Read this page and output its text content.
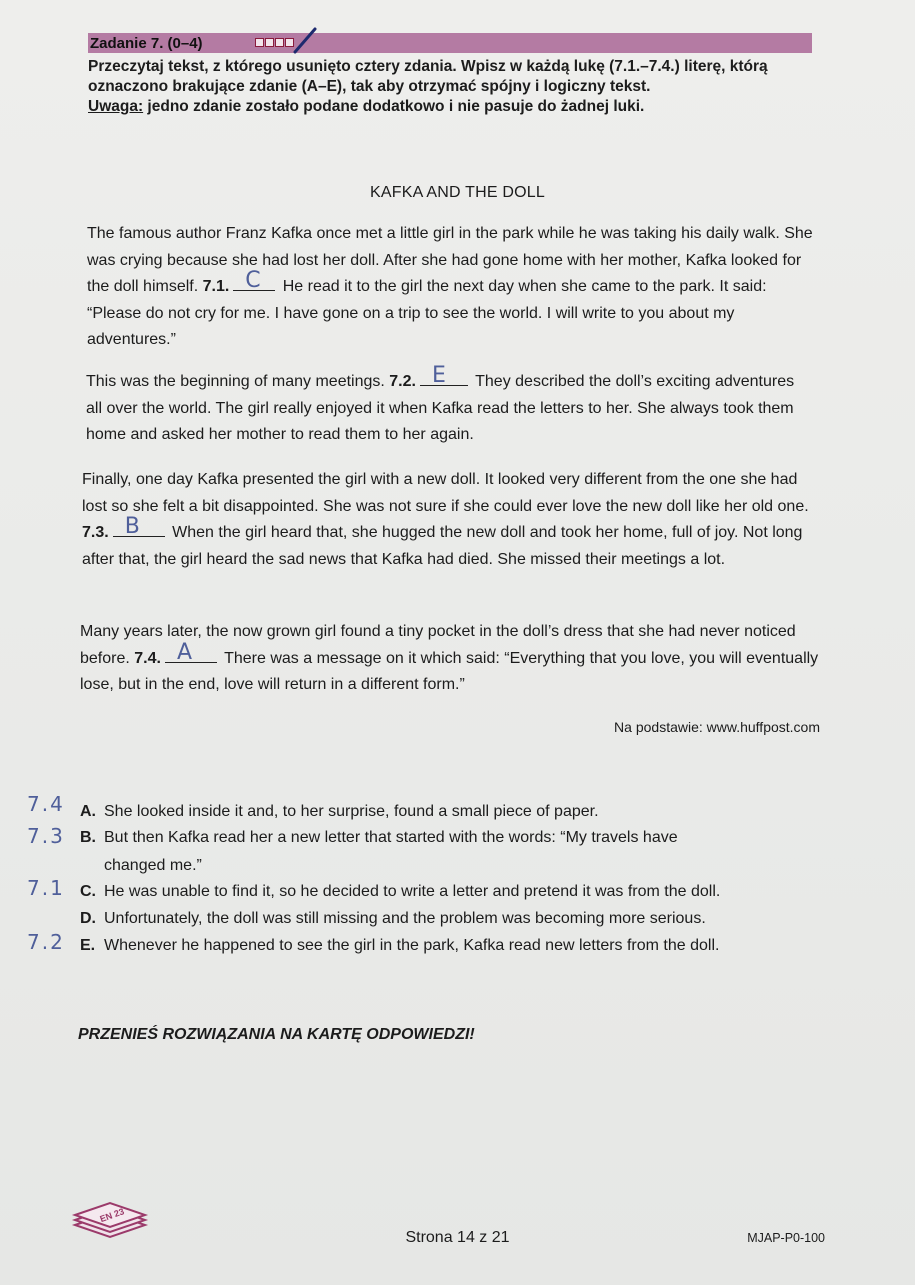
Zadanie 7. (0–4)
Przeczytaj tekst, z którego usunięto cztery zdania. Wpisz w każdą lukę (7.1.–7.4.) literę, którą oznaczono brakujące zdanie (A–E), tak aby otrzymać spójny i logiczny tekst.
Uwaga: jedno zdanie zostało podane dodatkowo i nie pasuje do żadnej luki.
KAFKA AND THE DOLL
The famous author Franz Kafka once met a little girl in the park while he was taking his daily walk. She was crying because she had lost her doll. After she had gone home with her mother, Kafka looked for the doll himself. 7.1. C He read it to the girl the next day when she came to the park. It said: “Please do not cry for me. I have gone on a trip to see the world. I will write to you about my adventures.”
This was the beginning of many meetings. 7.2. E They described the doll’s exciting adventures all over the world. The girl really enjoyed it when Kafka read the letters to her. She always took them home and asked her mother to read them to her again.
Finally, one day Kafka presented the girl with a new doll. It looked very different from the one she had lost so she felt a bit disappointed. She was not sure if she could ever love the new doll like her old one. 7.3. B When the girl heard that, she hugged the new doll and took her home, full of joy. Not long after that, the girl heard the sad news that Kafka had died. She missed their meetings a lot.
Many years later, the now grown girl found a tiny pocket in the doll’s dress that she had never noticed before. 7.4. A There was a message on it which said: “Everything that you love, you will eventually lose, but in the end, love will return in a different form.”
Na podstawie: www.huffpost.com
A. She looked inside it and, to her surprise, found a small piece of paper.
7.4
B. But then Kafka read her a new letter that started with the words: “My travels have
changed me.”
7.3
C. He was unable to find it, so he decided to write a letter and pretend it was from the doll.
7.1
D. Unfortunately, the doll was still missing and the problem was becoming more serious.
E. Whenever he happened to see the girl in the park, Kafka read new letters from the doll.
7.2
PRZENIEŚ ROZWIĄZANIA NA KARTĘ ODPOWIEDZI!
EN 23
Strona 14 z 21	MJAP-P0-100
